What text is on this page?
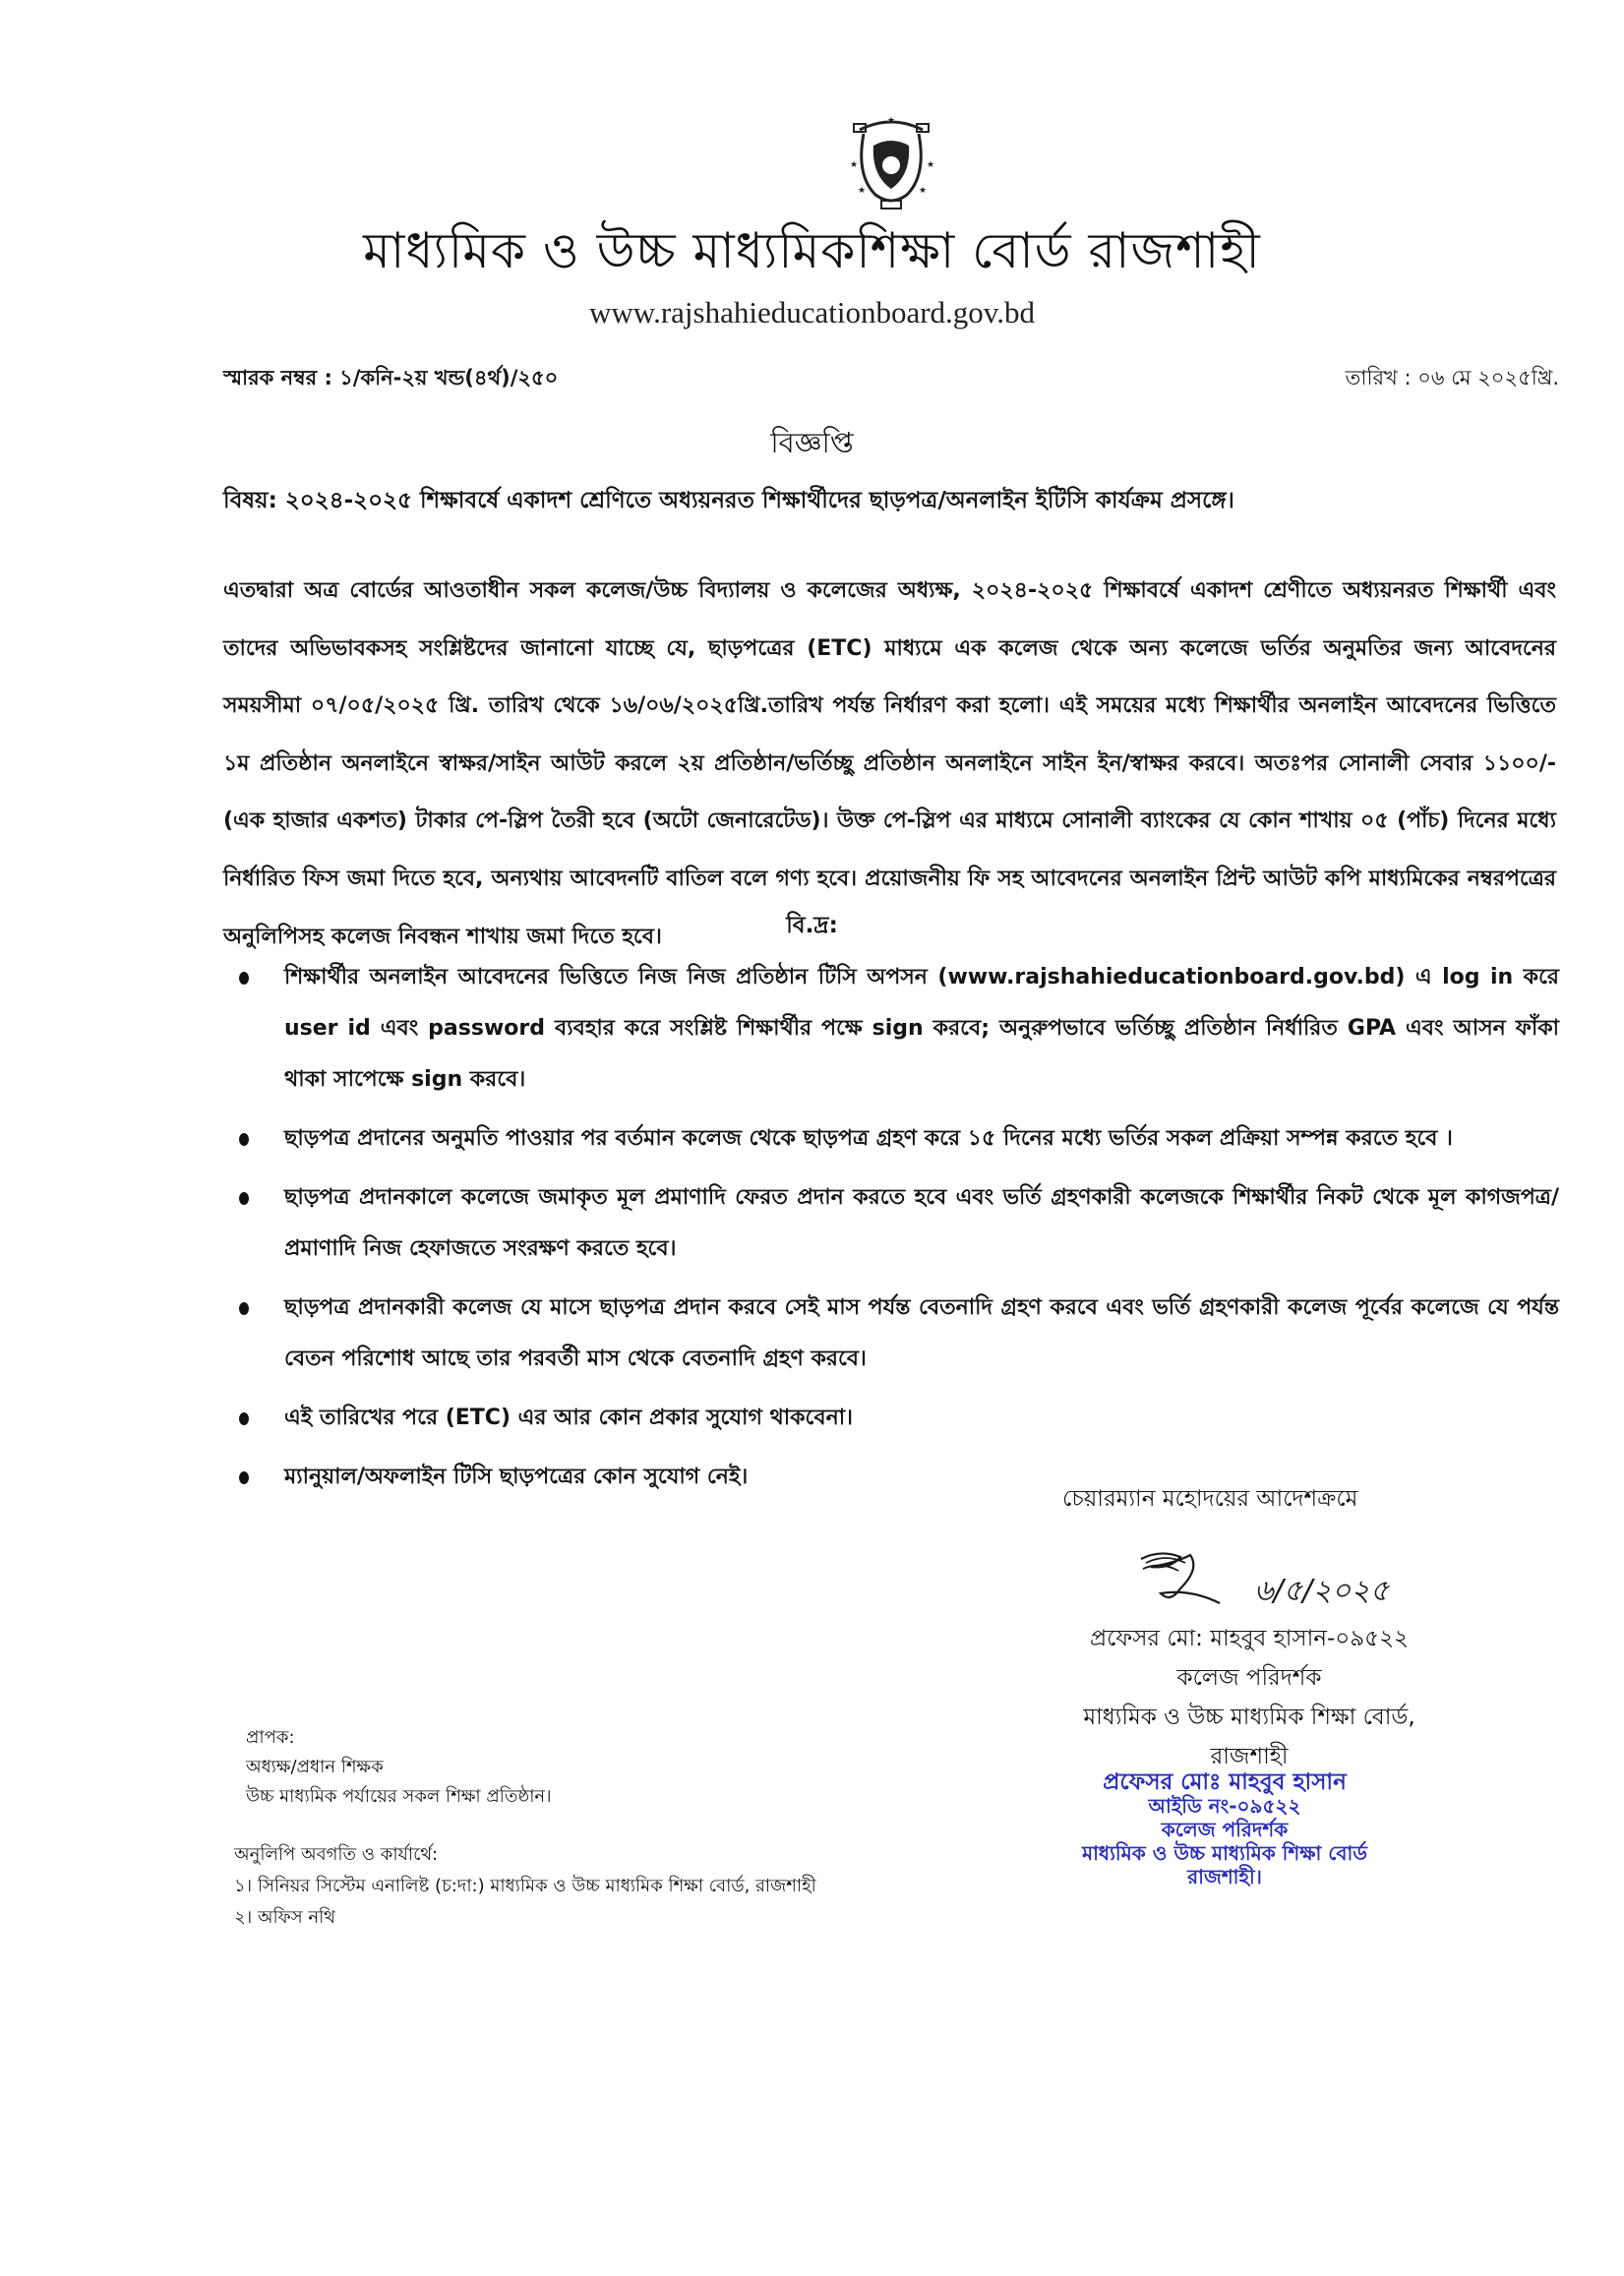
★
★	★
★	★
মাধ্যমিক ও উচ্চ মাধ্যমিকশিক্ষা বোর্ড রাজশাহী
www.rajshahieducationboard.gov.bd
স্মারক নম্বর : ১/কনি-২য় খন্ড(৪র্থ)/২৫০	তারিখ : ০৬ মে ২০২৫খ্রি.
বিজ্ঞপ্তি
বিষয়: ২০২৪-২০২৫ শিক্ষাবর্ষে একাদশ শ্রেণিতে অধ্যয়নরত শিক্ষার্থীদের ছাড়পত্র/অনলাইন ইটিসি কার্যক্রম প্রসঙ্গে।
এতদ্বারা অত্র বোর্ডের আওতাধীন সকল কলেজ/উচ্চ বিদ্যালয় ও কলেজের অধ্যক্ষ, ২০২৪-২০২৫ শিক্ষাবর্ষে একাদশ শ্রেণীতে অধ্যয়নরত শিক্ষার্থী এবং তাদের অভিভাবকসহ সংশ্লিষ্টদের জানানো যাচ্ছে যে, ছাড়পত্রের (ETC) মাধ্যমে এক কলেজ থেকে অন্য কলেজে ভর্তির অনুমতির জন্য আবেদনের সময়সীমা ০৭/০৫/২০২৫ খ্রি. তারিখ থেকে ১৬/০৬/২০২৫খ্রি.তারিখ পর্যন্ত নির্ধারণ করা হলো। এই সময়ের মধ্যে শিক্ষার্থীর অনলাইন আবেদনের ভিত্তিতে ১ম প্রতিষ্ঠান অনলাইনে স্বাক্ষর/সাইন আউট করলে ২য় প্রতিষ্ঠান/ভর্তিচ্ছু প্রতিষ্ঠান অনলাইনে সাইন ইন/স্বাক্ষর করবে। অতঃপর সোনালী সেবার ১১০০/- (এক হাজার একশত) টাকার পে-স্লিপ তৈরী হবে (অটো জেনারেটেড)। উক্ত পে-স্লিপ এর মাধ্যমে সোনালী ব্যাংকের যে কোন শাখায় ০৫ (পাঁচ) দিনের মধ্যে নির্ধারিত ফিস জমা দিতে হবে, অন্যথায় আবেদনটি বাতিল বলে গণ্য হবে। প্রয়োজনীয় ফি সহ আবেদনের অনলাইন প্রিন্ট আউট কপি মাধ্যমিকের নম্বরপত্রের অনুলিপিসহ কলেজ নিবন্ধন শাখায় জমা দিতে হবে।	বি.দ্র:
শিক্ষার্থীর অনলাইন আবেদনের ভিত্তিতে নিজ নিজ প্রতিষ্ঠান টিসি অপসন (www.rajshahieducationboard.gov.bd) এ log in করে user id এবং password ব্যবহার করে সংশ্লিষ্ট শিক্ষার্থীর পক্ষে sign করবে; অনুরুপভাবে ভর্তিচ্ছু প্রতিষ্ঠান নির্ধারিত GPA এবং আসন ফাঁকা থাকা সাপেক্ষে sign করবে।
ছাড়পত্র প্রদানের অনুমতি পাওয়ার পর বর্তমান কলেজ থেকে ছাড়পত্র গ্রহণ করে ১৫ দিনের মধ্যে ভর্তির সকল প্রক্রিয়া সম্পন্ন করতে হবে ।
ছাড়পত্র প্রদানকালে কলেজে জমাকৃত মূল প্রমাণাদি ফেরত প্রদান করতে হবে এবং ভর্তি গ্রহণকারী কলেজকে শিক্ষার্থীর নিকট থেকে মূল কাগজপত্র/প্রমাণাদি নিজ হেফাজতে সংরক্ষণ করতে হবে।
ছাড়পত্র প্রদানকারী কলেজ যে মাসে ছাড়পত্র প্রদান করবে সেই মাস পর্যন্ত বেতনাদি গ্রহণ করবে এবং ভর্তি গ্রহণকারী কলেজ পূর্বের কলেজে যে পর্যন্ত বেতন পরিশোধ আছে তার পরবর্তী মাস থেকে বেতনাদি গ্রহণ করবে।
এই তারিখের পরে (ETC) এর আর কোন প্রকার সুযোগ থাকবেনা।
ম্যানুয়াল/অফলাইন টিসি ছাড়পত্রের কোন সুযোগ নেই।
চেয়ারম্যান মহোদয়ের আদেশক্রমে
৬/৫/২০২৫
প্রফেসর মো: মাহবুব হাসান-০৯৫২২
কলেজ পরিদর্শক
মাধ্যমিক ও উচ্চ মাধ্যমিক শিক্ষা বোর্ড,
রাজশাহী
প্রফেসর মোঃ মাহবুব হাসান
আইডি নং-০৯৫২২
কলেজ পরিদর্শক
মাধ্যমিক ও উচ্চ মাধ্যমিক শিক্ষা বোর্ড
রাজশাহী।
প্রাপক:
অধ্যক্ষ/প্রধান শিক্ষক
উচ্চ মাধ্যমিক পর্যায়ের সকল শিক্ষা প্রতিষ্ঠান।
অনুলিপি অবগতি ও কার্যার্থে:
১। সিনিয়র সিস্টেম এনালিষ্ট (চ:দা:) মাধ্যমিক ও উচ্চ মাধ্যমিক শিক্ষা বোর্ড, রাজশাহী
২। অফিস নথি
